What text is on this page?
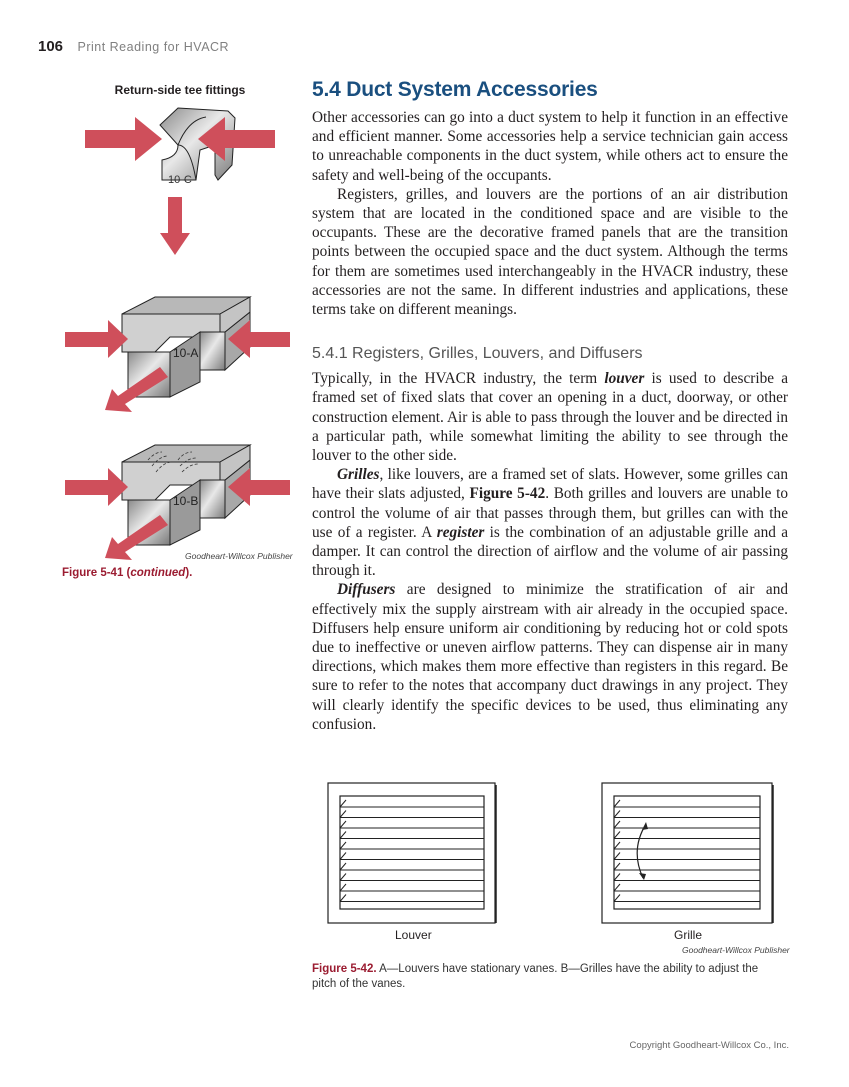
106 Print Reading for HVACR
Return-side tee fittings
10-C
10-A
10-B
Goodheart-Willcox Publisher
Figure 5-41 (continued).
5.4 Duct System Accessories

Other accessories can go into a duct system to help it function in an effective and efficient manner. Some accessories help a service technician gain access to unreachable components in the duct system, while others act to ensure the safety and well-being of the occupants.

Registers, grilles, and louvers are the portions of an air distribution system that are located in the conditioned space and are visible to the occupants. These are the decorative framed panels that are the transition points between the occupied space and the duct system. Although the terms for them are sometimes used interchangeably in the HVACR industry, these accessories are not the same. In different industries and applications, these terms take on different meanings.

5.4.1 Registers, Grilles, Louvers, and Diffusers

Typically, in the HVACR industry, the term louver is used to describe a framed set of fixed slats that cover an opening in a duct, doorway, or other construction element. Air is able to pass through the louver and be directed in a particular path, while somewhat limiting the ability to see through the louver to the other side.

Grilles, like louvers, are a framed set of slats. However, some grilles can have their slats adjusted, Figure 5-42. Both grilles and louvers are unable to control the volume of air that passes through them, but grilles can with the use of a register. A register is the combination of an adjustable grille and a damper. It can control the direction of airflow and the volume of air passing through it.

Diffusers are designed to minimize the stratification of air and effectively mix the supply airstream with air already in the occupied space. Diffusers help ensure uniform air conditioning by reducing hot or cold spots due to ineffective or uneven airflow patterns. They can dispense air in many directions, which makes them more effective than registers in this regard. Be sure to refer to the notes that accompany duct drawings in any project. They will clearly identify the specific devices to be used, thus eliminating any confusion.

Louver	Grille
Goodheart-Willcox Publisher
Figure 5-42. A—Louvers have stationary vanes. B—Grilles have the ability to adjust the pitch of the vanes.
Copyright Goodheart-Willcox Co., Inc.
